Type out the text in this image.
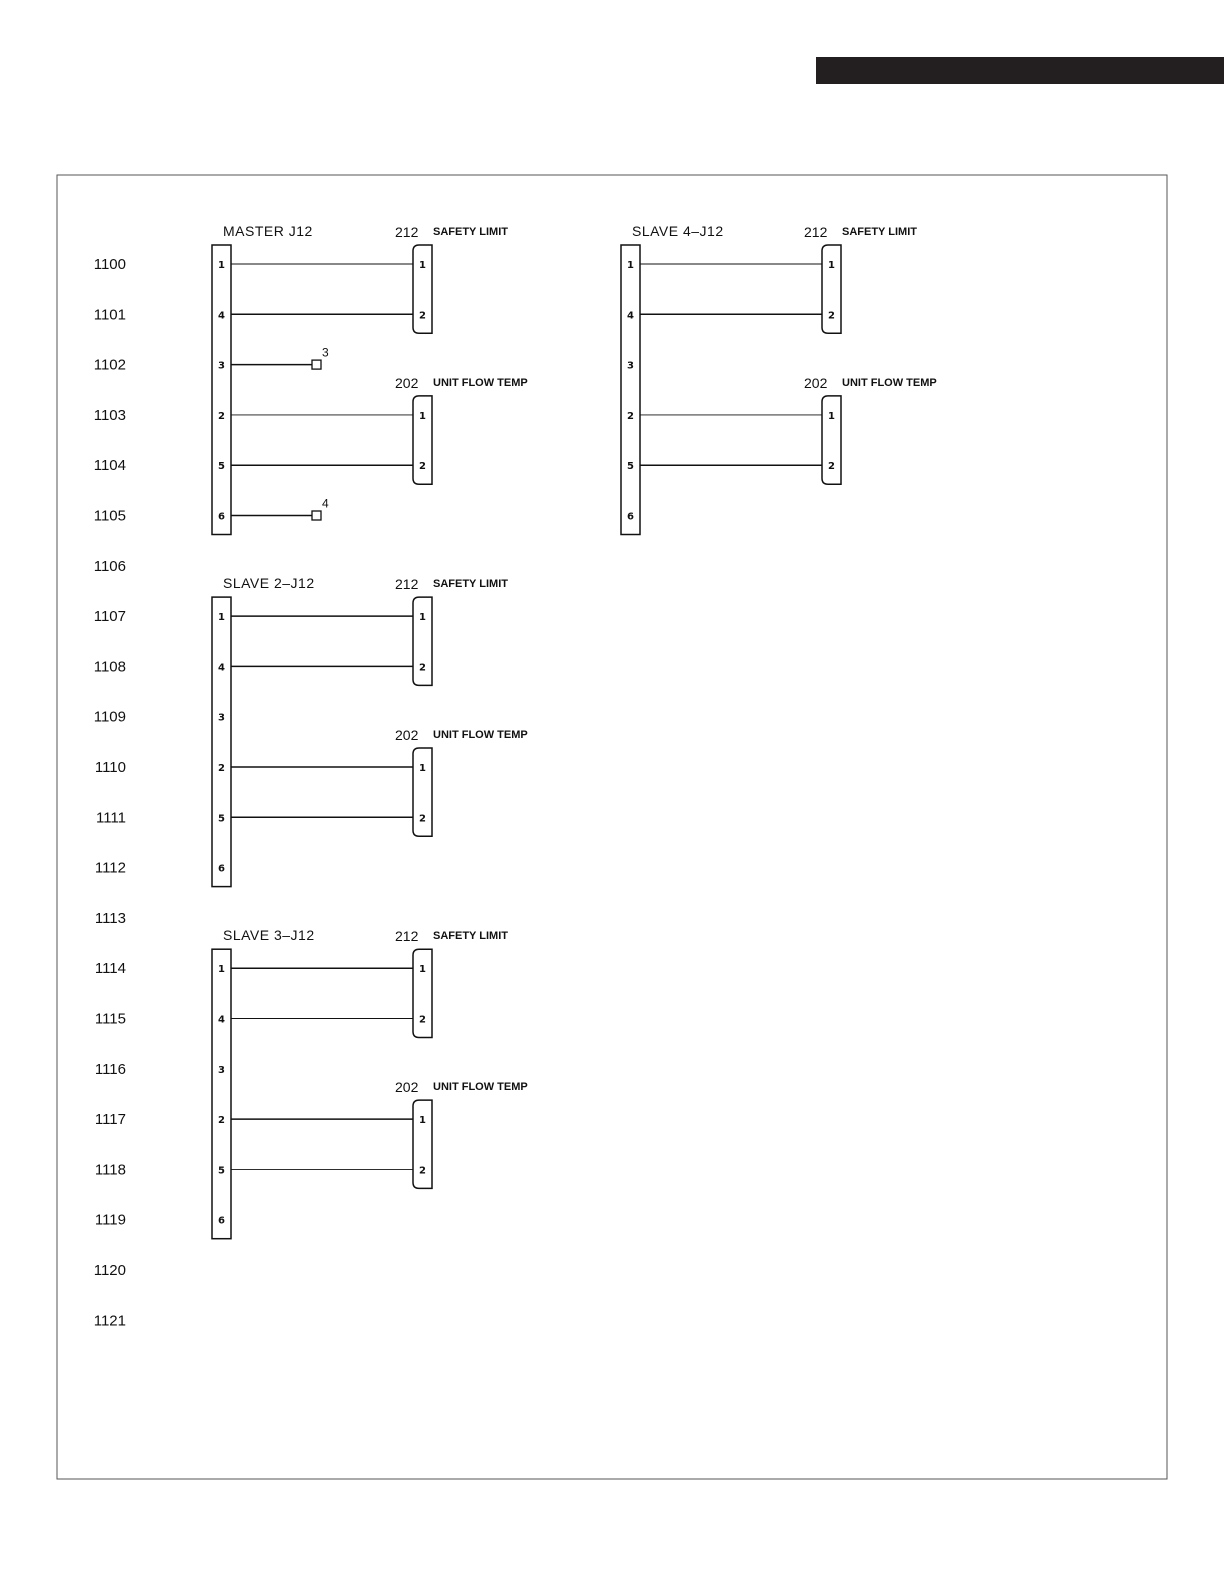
1100
1101
1102
1103
1104
1105
1106
1107
1108
1109
1110
1111
1112
1113
1114
1115
1116
1117
1118
1119
1120
1121
MASTER J12
1
4
3
2
5
6
212 SAFETY LIMIT
1
2
202 UNIT FLOW TEMP
1
2
3
4
SLAVE 4–J12
1
4
3
2
5
6
212 SAFETY LIMIT
1
2
202 UNIT FLOW TEMP
1
2
SLAVE 2–J12
1
4
3
2
5
6
212 SAFETY LIMIT
1
2
202 UNIT FLOW TEMP
1
2
SLAVE 3–J12
1
4
3
2
5
6
212 SAFETY LIMIT
1
2
202 UNIT FLOW TEMP
1
2
